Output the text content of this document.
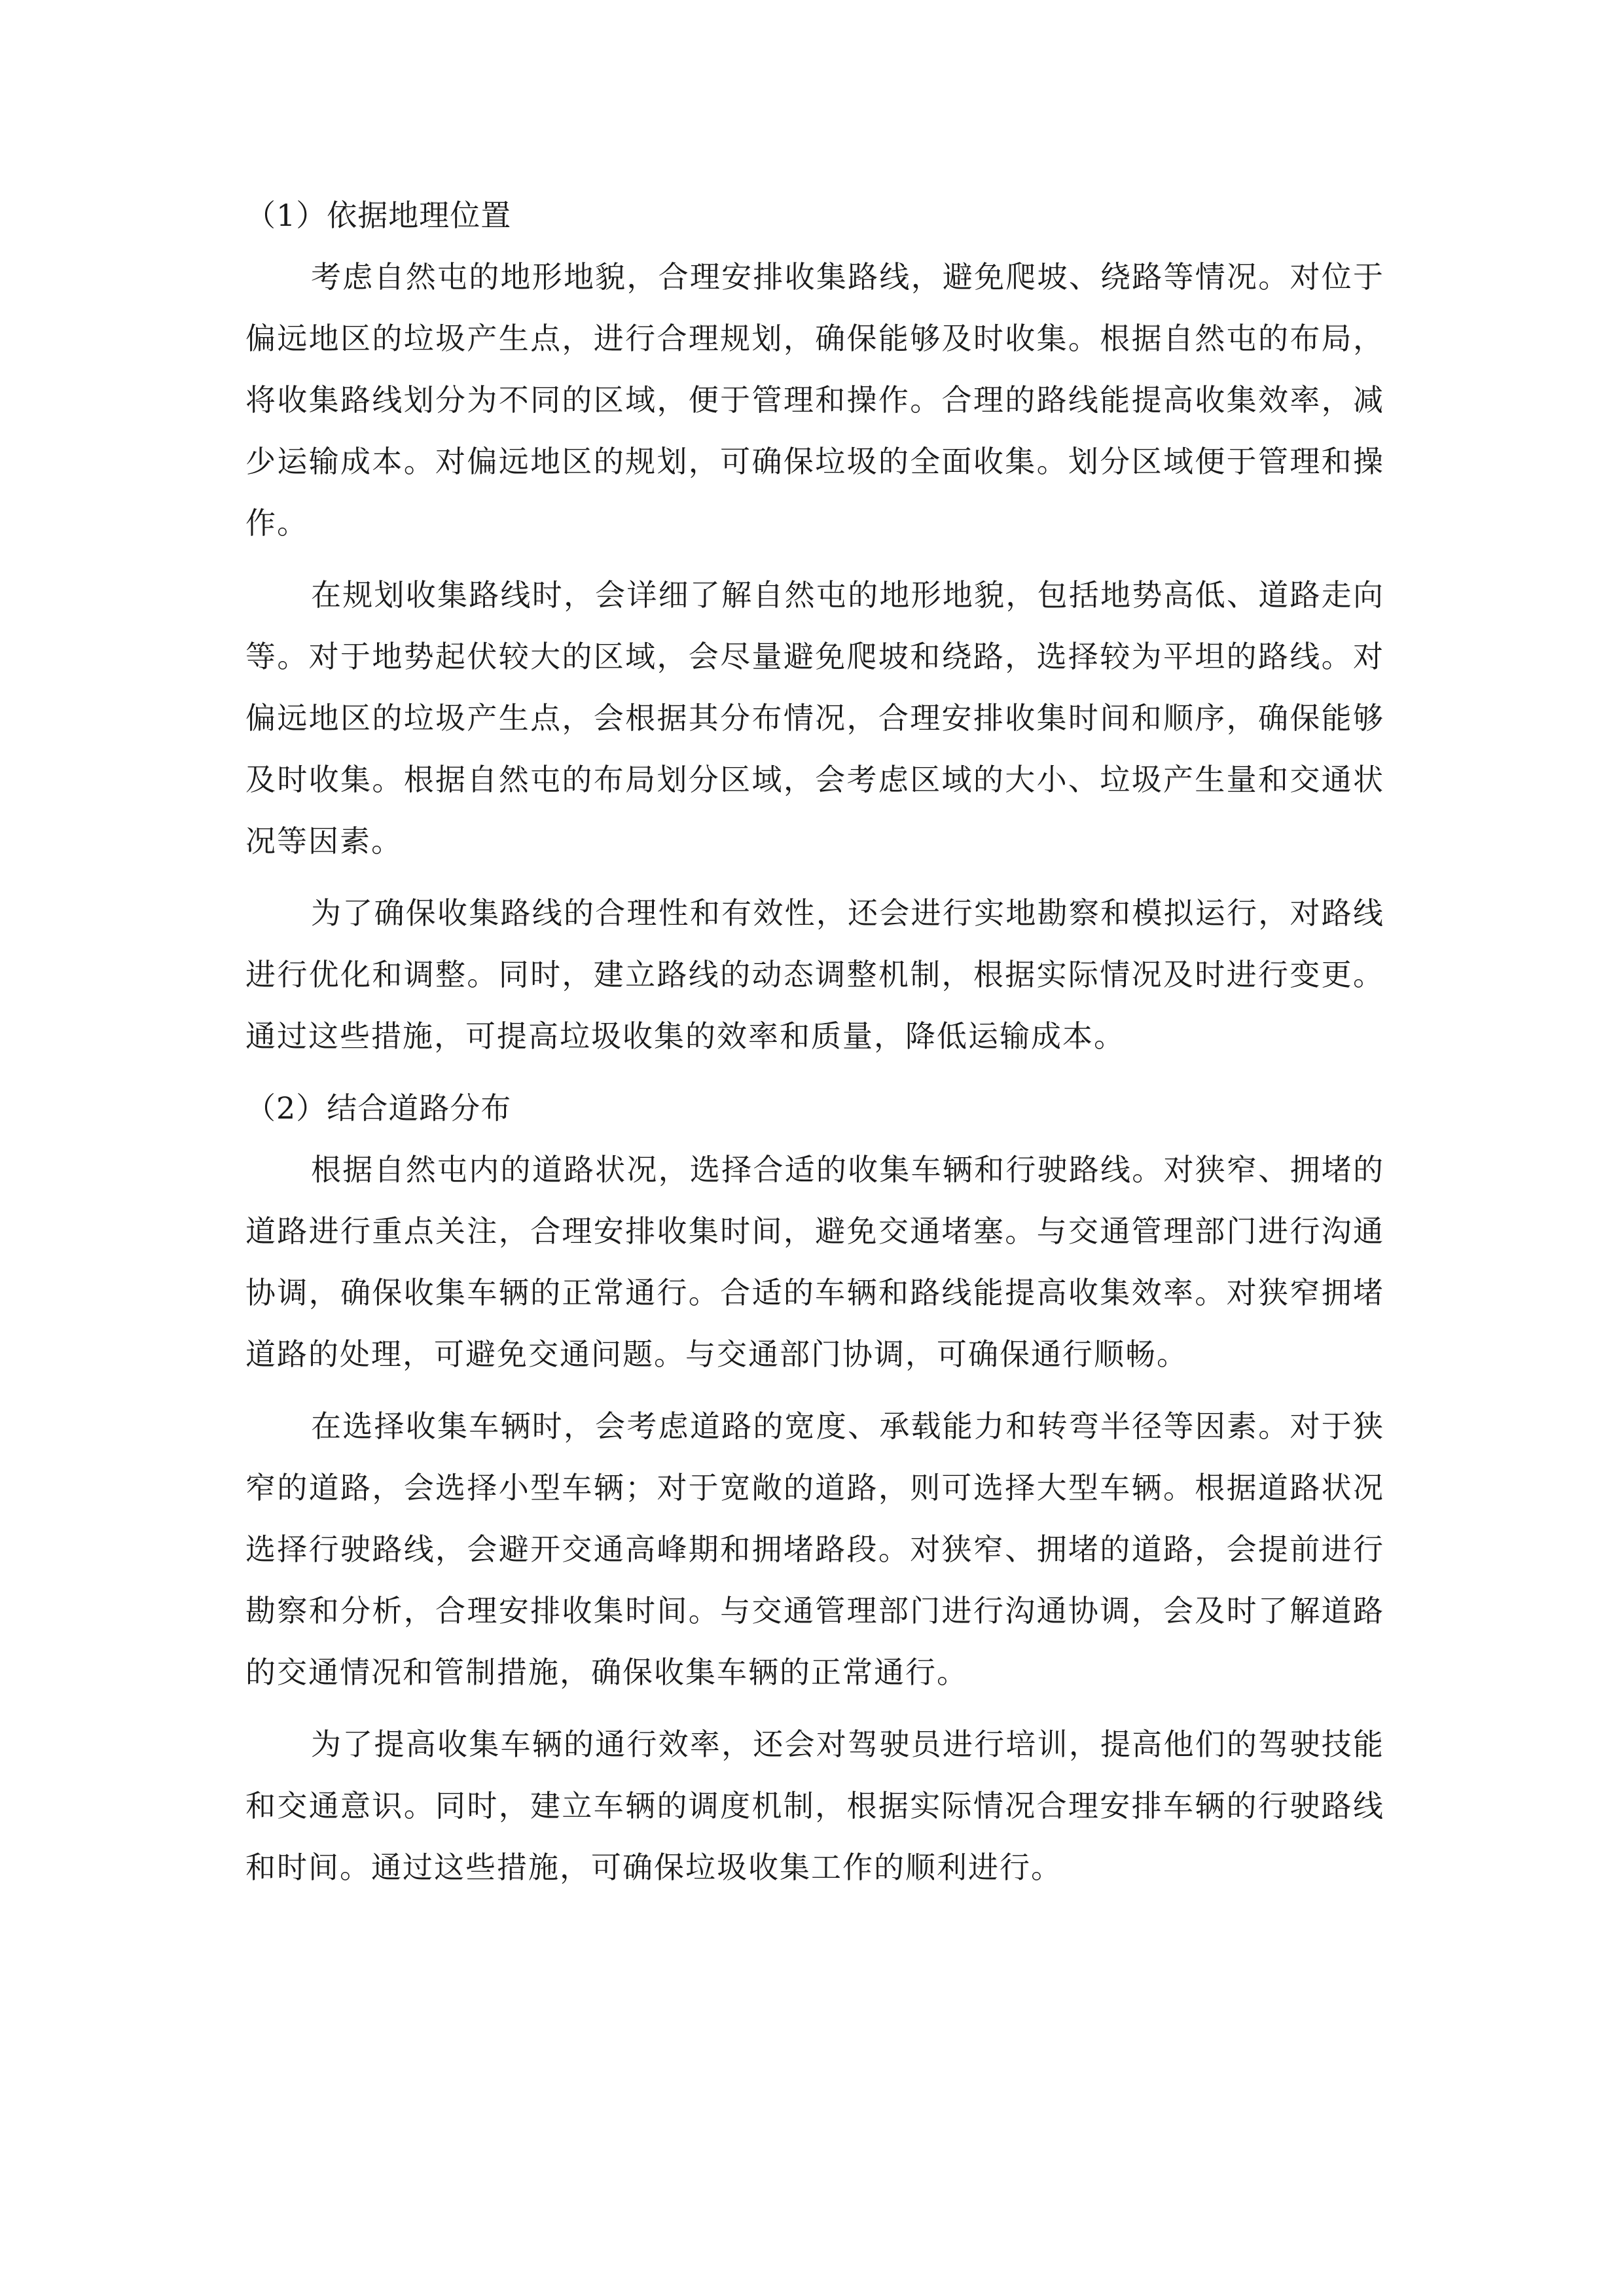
（1）依据地理位置

考虑自然屯的地形地貌，合理安排收集路线，避免爬坡、绕路等情况。对位于偏远地区的垃圾产生点，进行合理规划，确保能够及时收集。根据自然屯的布局，将收集路线划分为不同的区域，便于管理和操作。合理的路线能提高收集效率，减少运输成本。对偏远地区的规划，可确保垃圾的全面收集。划分区域便于管理和操作。

在规划收集路线时，会详细了解自然屯的地形地貌，包括地势高低、道路走向等。对于地势起伏较大的区域，会尽量避免爬坡和绕路，选择较为平坦的路线。对偏远地区的垃圾产生点，会根据其分布情况，合理安排收集时间和顺序，确保能够及时收集。根据自然屯的布局划分区域，会考虑区域的大小、垃圾产生量和交通状况等因素。

为了确保收集路线的合理性和有效性，还会进行实地勘察和模拟运行，对路线进行优化和调整。同时，建立路线的动态调整机制，根据实际情况及时进行变更。通过这些措施，可提高垃圾收集的效率和质量，降低运输成本。

（2）结合道路分布

根据自然屯内的道路状况，选择合适的收集车辆和行驶路线。对狭窄、拥堵的道路进行重点关注，合理安排收集时间，避免交通堵塞。与交通管理部门进行沟通协调，确保收集车辆的正常通行。合适的车辆和路线能提高收集效率。对狭窄拥堵道路的处理，可避免交通问题。与交通部门协调，可确保通行顺畅。

在选择收集车辆时，会考虑道路的宽度、承载能力和转弯半径等因素。对于狭窄的道路，会选择小型车辆；对于宽敞的道路，则可选择大型车辆。根据道路状况选择行驶路线，会避开交通高峰期和拥堵路段。对狭窄、拥堵的道路，会提前进行勘察和分析，合理安排收集时间。与交通管理部门进行沟通协调，会及时了解道路的交通情况和管制措施，确保收集车辆的正常通行。

为了提高收集车辆的通行效率，还会对驾驶员进行培训，提高他们的驾驶技能和交通意识。同时，建立车辆的调度机制，根据实际情况合理安排车辆的行驶路线和时间。通过这些措施，可确保垃圾收集工作的顺利进行。
